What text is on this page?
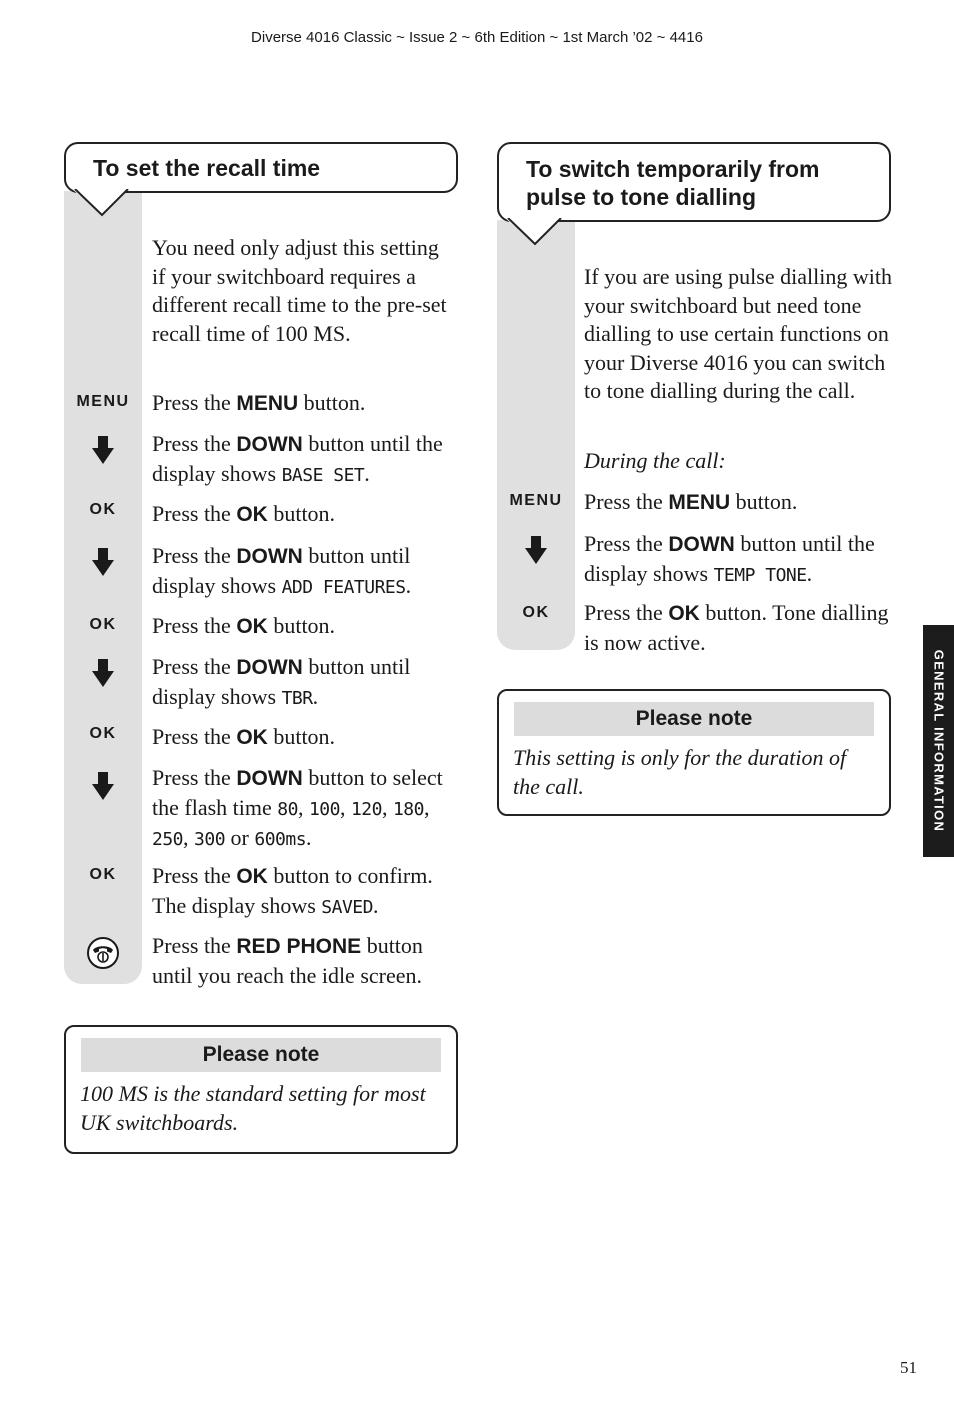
Diverse 4016 Classic ~ Issue 2 ~ 6th Edition ~ 1st March ’02 ~ 4416
To set the recall time
You need only adjust this setting if your switchboard requires a different recall time to the pre-set recall time of 100 MS.
MENU	Press the MENU button.
Press the DOWN button until the display shows BASE SET.
OK	Press the OK button.
Press the DOWN button until display shows ADD FEATURES.
OK	Press the OK button.
Press the DOWN button until display shows TBR.
OK	Press the OK button.
Press the DOWN button to select the flash time 80, 100, 120, 180, 250, 300 or 600ms.
OK	Press the OK button to confirm. The display shows SAVED.
Press the RED PHONE button until you reach the idle screen.
Please note
100 MS is the standard setting for most UK switchboards.
To switch temporarily from
pulse to tone dialling
If you are using pulse dialling with your switchboard but need tone dialling to use certain functions on your Diverse 4016 you can switch to tone dialling during the call.
During the call:
MENU Press the MENU button.
Press the DOWN button until the display shows TEMP TONE.
OK	Press the OK button. Tone dialling is now active.
Please note
This setting is only for the duration of the call.	GENERAL INFORMATION
51
